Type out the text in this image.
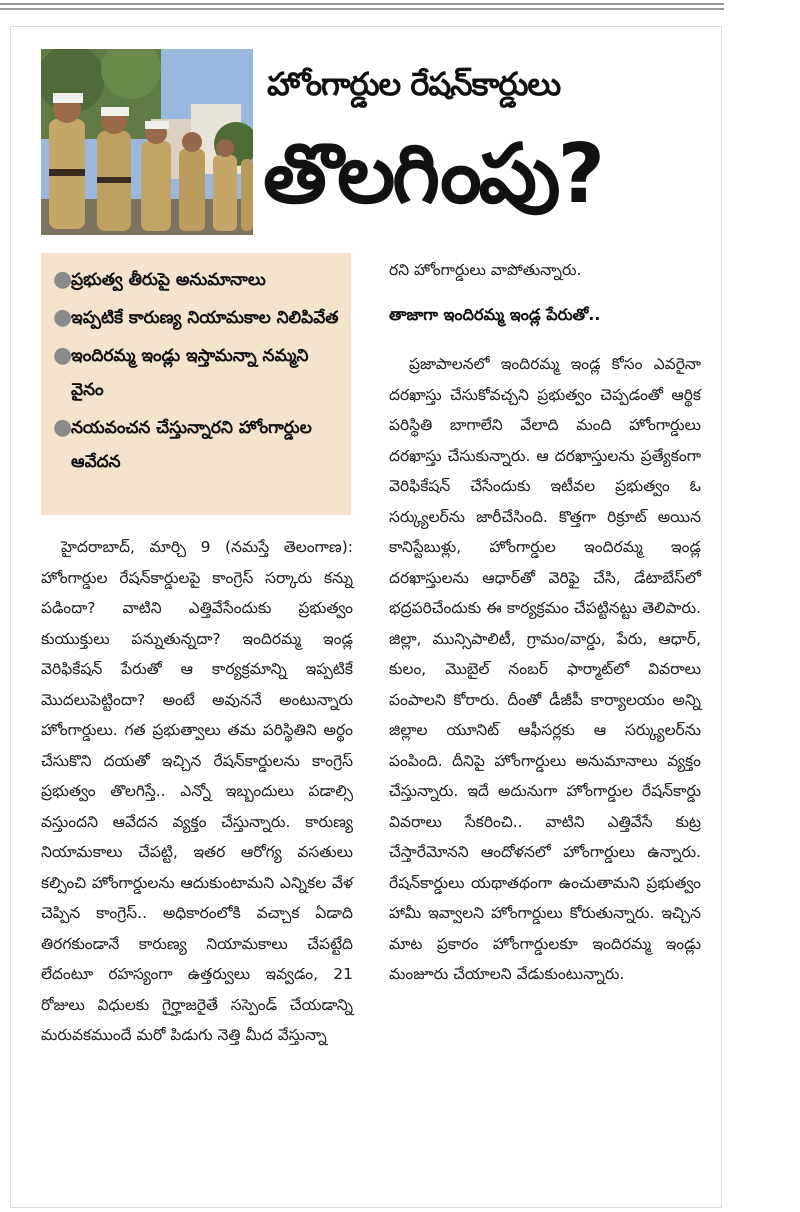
హోంగార్డుల రేషన్‌కార్డులు
తొలగింపు?
●
ప్రభుత్వ తీరుపై అనుమానాలు
●
ఇప్పటికే కారుణ్య నియామకాల నిలిపివేత
●
ఇందిరమ్మ ఇండ్లు ఇస్తామన్నా నమ్మని వైనం
●
నయవంచన చేస్తున్నారని హోంగార్డుల ఆవేదన

హైదరాబాద్, మార్చి 9 (నమస్తే తెలంగాణ): హోంగార్డుల రేషన్‌కార్డులపై కాంగ్రెస్ సర్కారు కన్ను పడిందా? వాటిని ఎత్తివేసేందుకు ప్రభుత్వం కుయుక్తులు పన్నుతున్నదా? ఇందిరమ్మ ఇండ్ల వెరిఫికేషన్ పేరుతో ఆ కార్యక్రమాన్ని ఇప్పటికే మొదలుపెట్టిందా? అంటే అవుననే అంటున్నారు హోంగార్డులు. గత ప్రభుత్వాలు తమ పరిస్థితిని అర్థం చేసుకొని దయతో ఇచ్చిన రేషన్‌కార్డులను కాంగ్రెస్ ప్రభుత్వం తొలగిస్తే.. ఎన్నో ఇబ్బందులు పడాల్సి వస్తుందని ఆవేదన వ్యక్తం చేస్తున్నారు. కారుణ్య నియామకాలు చేపట్టి, ఇతర ఆరోగ్య వసతులు కల్పించి హోంగార్డులను ఆదుకుంటామని ఎన్నికల వేళ చెప్పిన కాంగ్రెస్.. అధికారంలోకి వచ్చాక ఏడాది తిరగకుండానే కారుణ్య నియామకాలు చేపట్టేది లేదంటూ రహస్యంగా ఉత్తర్వులు ఇవ్వడం, 21 రోజులు విధులకు గైర్హాజరైతే సస్పెండ్ చేయడాన్ని మరువకముందే మరో పిడుగు నెత్తి మీద వేస్తున్నా

రని హోంగార్డులు వాపోతున్నారు.
తాజాగా ఇందిరమ్మ ఇండ్ల పేరుతో..

ప్రజాపాలనలో ఇందిరమ్మ ఇండ్ల కోసం ఎవరైనా దరఖాస్తు చేసుకోవచ్చని ప్రభుత్వం చెప్పడంతో ఆర్థిక పరిస్థితి బాగాలేని వేలాది మంది హోంగార్డులు దరఖాస్తు చేసుకున్నారు. ఆ దరఖాస్తులను ప్రత్యేకంగా వెరిఫికేషన్ చేసేందుకు ఇటీవల ప్రభుత్వం ఓ సర్క్యులర్‌ను జారీచేసింది. కొత్తగా రిక్రూట్ అయిన కానిస్టేబుళ్లు, హోంగార్డుల ఇందిరమ్మ ఇండ్ల దరఖాస్తులను ఆధార్‌తో వెరిఫై చేసి, డేటాబేస్‌లో భద్రపరిచేందుకు ఈ కార్యక్రమం చేపట్టినట్టు తెలిపారు. జిల్లా, మున్సిపాలిటీ, గ్రామం/వార్డు, పేరు, ఆధార్, కులం, మొబైల్ నంబర్ ఫార్మాట్‌లో వివరాలు పంపాలని కోరారు. దీంతో డీజీపీ కార్యాలయం అన్ని జిల్లాల యూనిట్ ఆఫీసర్లకు ఆ సర్క్యులర్‌ను పంపింది. దీనిపై హోంగార్డులు అనుమానాలు వ్యక్తం చేస్తున్నారు. ఇదే అదునుగా హోంగార్డుల రేషన్‌కార్డు వివరాలు సేకరించి.. వాటిని ఎత్తివేసే కుట్ర చేస్తారేమోనని ఆందోళనలో హోంగార్డులు ఉన్నారు. రేషన్‌కార్డులు యథాతథంగా ఉంచుతామని ప్రభుత్వం హామీ ఇవ్వాలని హోంగార్డులు కోరుతున్నారు. ఇచ్చిన మాట ప్రకారం హోంగార్డులకూ ఇందిరమ్మ ఇండ్లు మంజూరు చేయాలని వేడుకుంటున్నారు.
